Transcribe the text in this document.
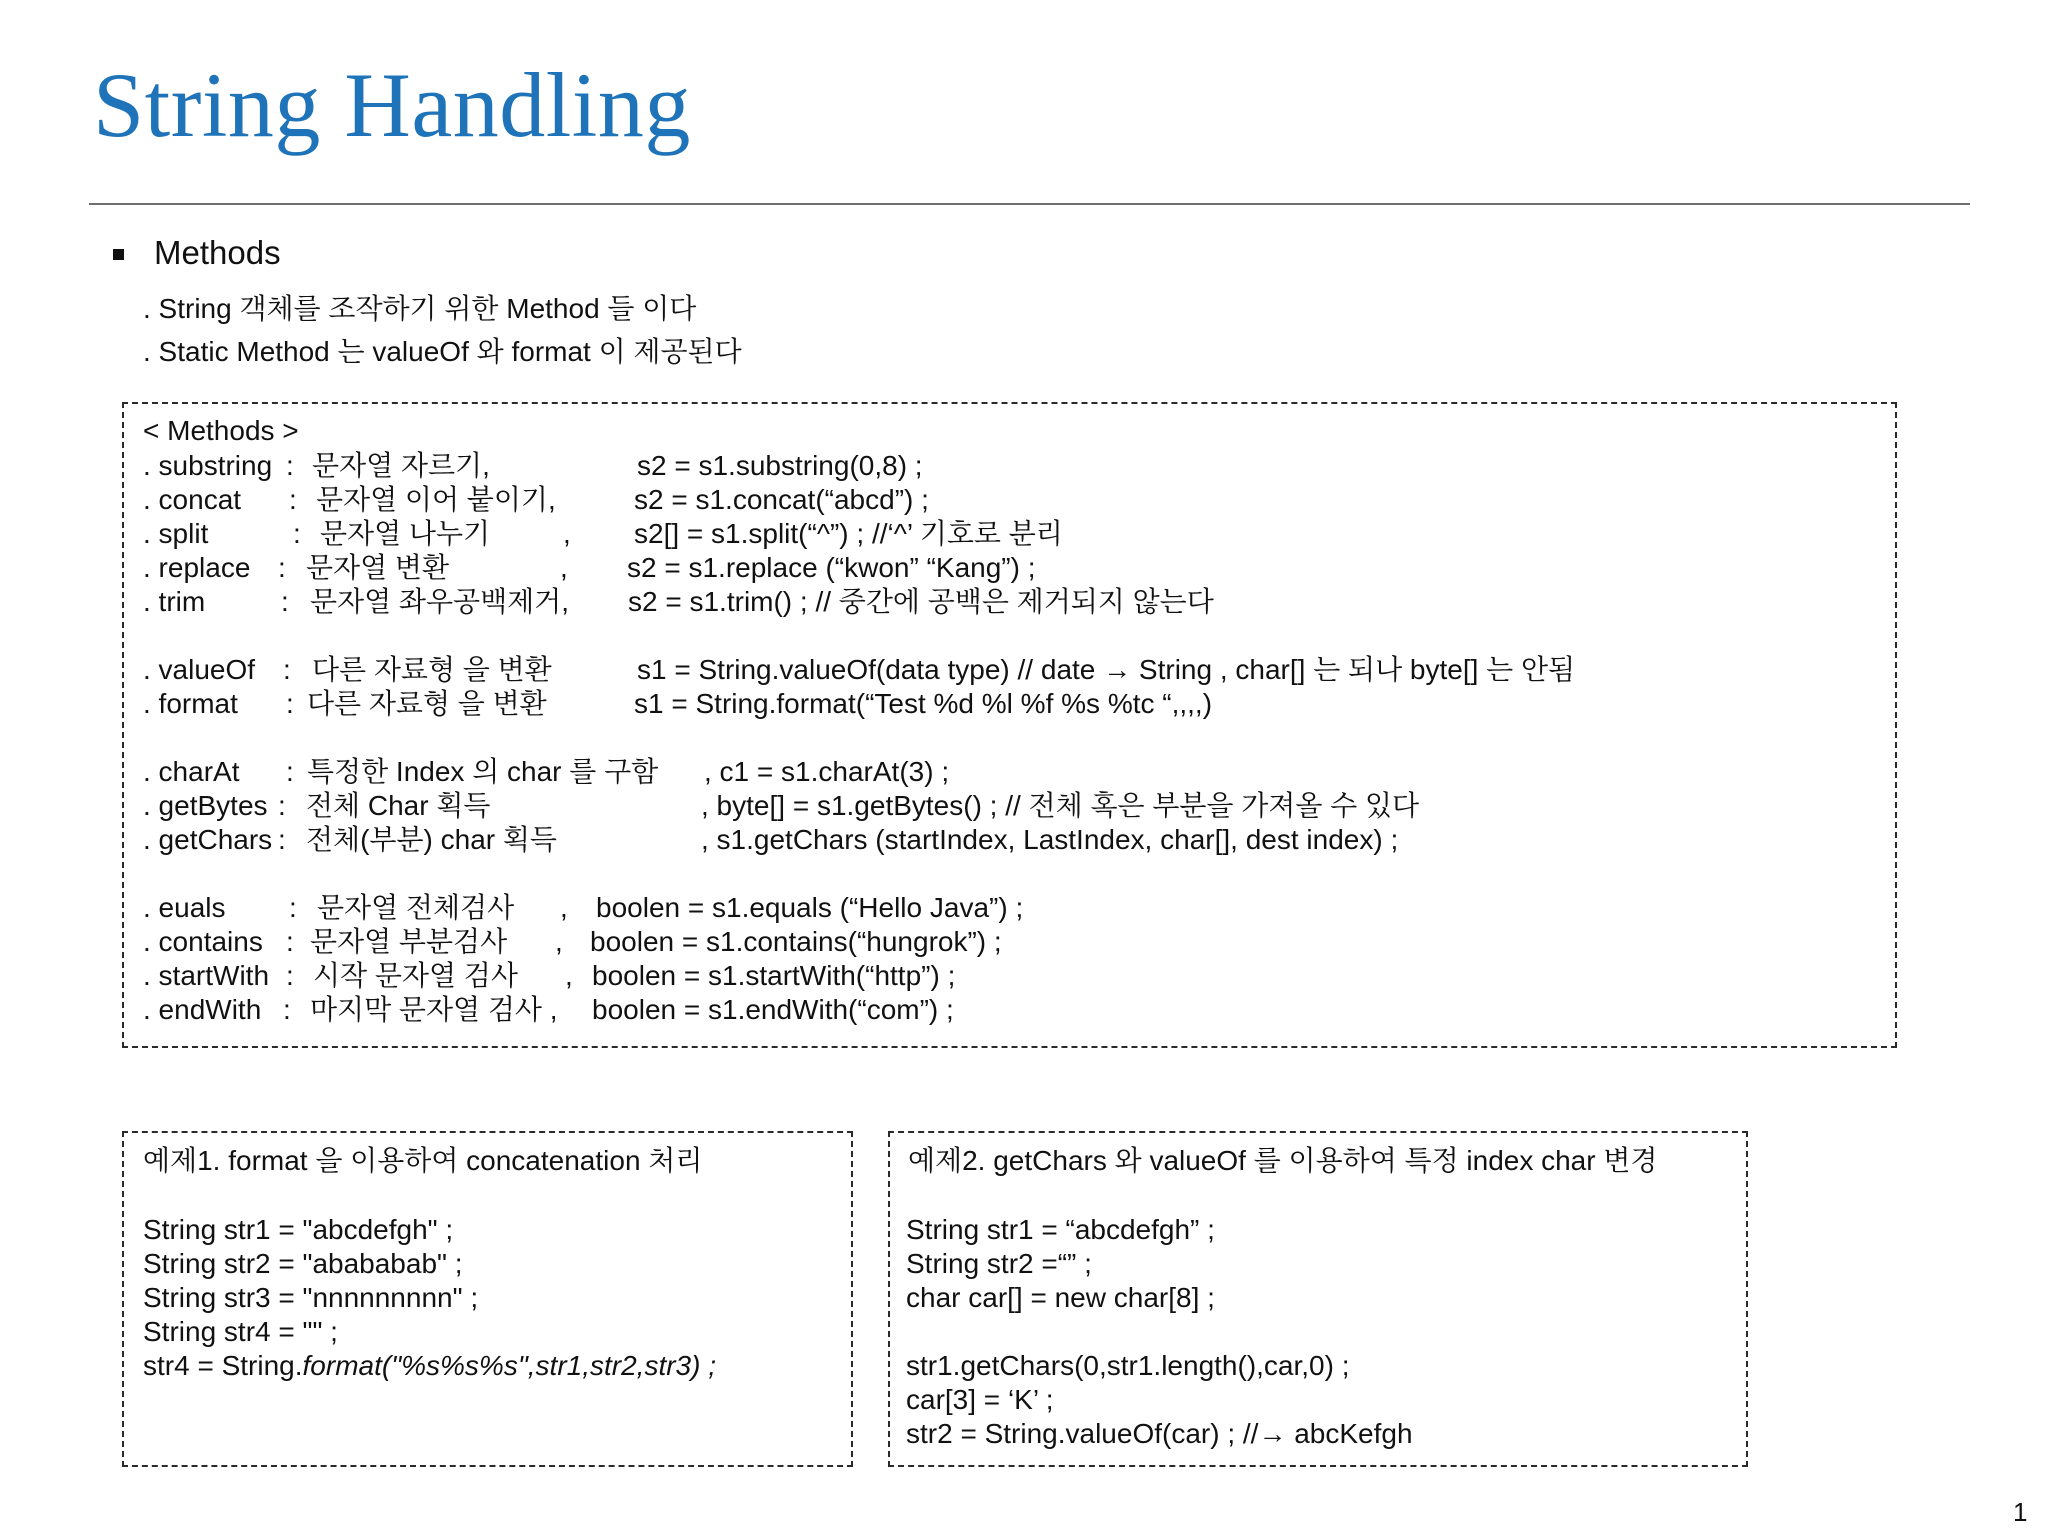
String Handling
Methods
. String 객체를 조작하기 위한 Method 들 이다
. Static Method 는 valueOf 와 format 이 제공된다
< Methods >
. substring : 문자열 자르기,	s2 = s1.substring(0,8) ;
. concat : 문자열 이어 붙이기,	s2 = s1.concat(“abcd”) ;
. split	: 문자열 나누기	, s2[] = s1.split(“^”) ; //‘^’ 기호로 분리
. replace : 문자열 변환	, s2 = s1.replace (“kwon” “Kang”) ;
. trim	: 문자열 좌우공백제거, s2 = s1.trim() ; // 중간에 공백은 제거되지 않는다
. valueOf : 다른 자료형 을 변환	s1 = String.valueOf(data type) // date → String , char[] 는 되나 byte[] 는 안됨
. format : 다른 자료형 을 변환	s1 = String.format(“Test %d %l %f %s %tc “,,,,)
. charAt : 특정한 Index 의 char 를 구함 , c1 = s1.charAt(3) ;
. getBytes : 전체 Char 획득	, byte[] = s1.getBytes() ; // 전체 혹은 부분을 가져올 수 있다
. getChars : 전체(부분) char 획득	, s1.getChars (startIndex, LastIndex, char[], dest index) ;
. euals : 문자열 전체검사 , boolen = s1.equals (“Hello Java”) ;
. contains : 문자열 부분검사 , boolen = s1.contains(“hungrok”) ;
. startWith : 시작 문자열 검사 , boolen = s1.startWith(“http”) ;
. endWith : 마지막 문자열 검사 , boolen = s1.endWith(“com”) ;
예제1. format 을 이용하여 concatenation 처리
String str1 = "abcdefgh" ;
String str2 = "abababab" ;
String str3 = "nnnnnnnnn" ;
String str4 = "" ;
str4 = String.format("%s%s%s",str1,str2,str3) ;
예제2. getChars 와 valueOf 를 이용하여 특정 index char 변경
String str1 = “abcdefgh” ;
String str2 =“” ;
char car[] = new char[8] ;
str1.getChars(0,str1.length(),car,0) ;
car[3] = ‘K’ ;
str2 = String.valueOf(car) ; //→ abcKefgh
1
